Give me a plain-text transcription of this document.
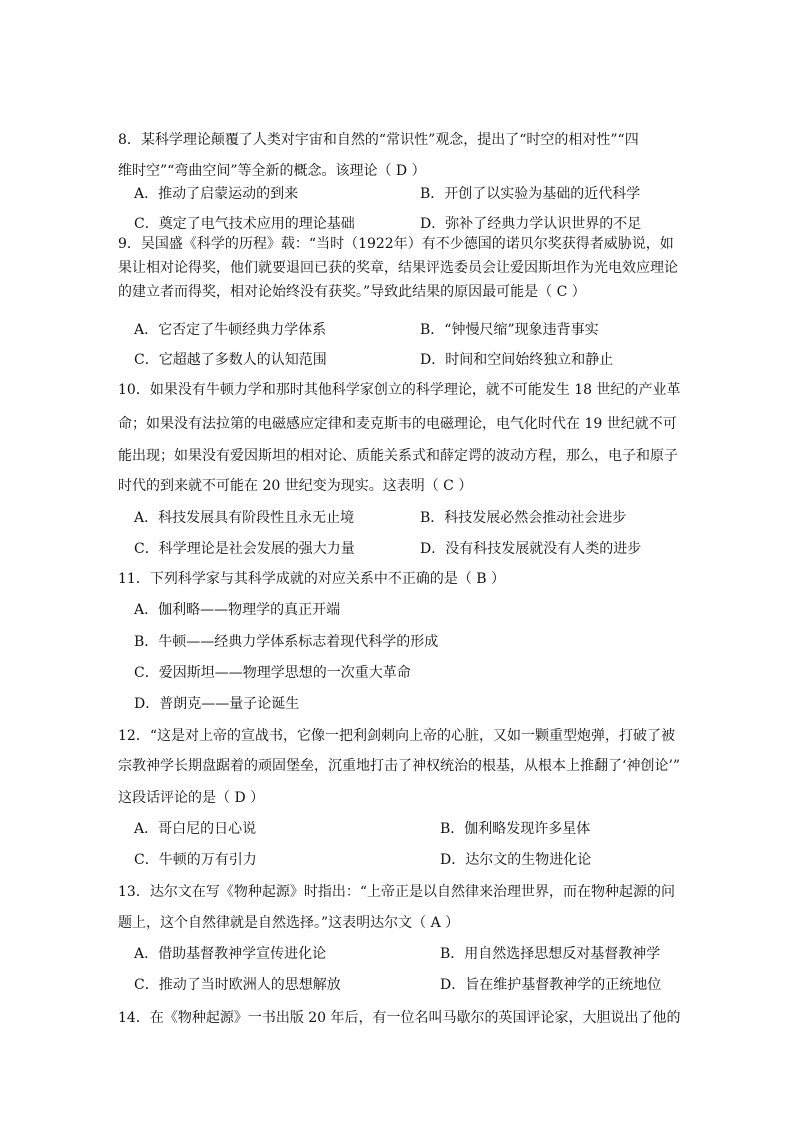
8．某科学理论颠覆了人类对宇宙和自然的“常识性”观念，提出了“时空的相对性”“四
维时空”“弯曲空间”等全新的概念。该理论（ D ）
A．推动了启蒙运动的到来	B．开创了以实验为基础的近代科学
C．奠定了电气技术应用的理论基础	D．弥补了经典力学认识世界的不足
9．吴国盛《科学的历程》载：“当时（1922年）有不少德国的诺贝尔奖获得者威胁说，如
果让相对论得奖，他们就要退回已获的奖章，结果评选委员会让爱因斯坦作为光电效应理论
的建立者而得奖，相对论始终没有获奖。”导致此结果的原因最可能是（ C ）
A．它否定了牛顿经典力学体系	B．“钟慢尺缩”现象违背事实
C．它超越了多数人的认知范围	D．时间和空间始终独立和静止
10．如果没有牛顿力学和那时其他科学家创立的科学理论，就不可能发生 18 世纪的产业革
命；如果没有法拉第的电磁感应定律和麦克斯韦的电磁理论，电气化时代在 19 世纪就不可
能出现；如果没有爱因斯坦的相对论、质能关系式和薛定谔的波动方程，那么，电子和原子
时代的到来就不可能在 20 世纪变为现实。这表明（ C ）
A．科技发展具有阶段性且永无止境	B．科技发展必然会推动社会进步
C．科学理论是社会发展的强大力量	D．没有科技发展就没有人类的进步
11．下列科学家与其科学成就的对应关系中不正确的是（ B ）
A．伽利略——物理学的真正开端
B．牛顿——经典力学体系标志着现代科学的形成
C．爱因斯坦——物理学思想的一次重大革命
D．普朗克——量子论诞生
12．“这是对上帝的宣战书，它像一把利剑刺向上帝的心脏，又如一颗重型炮弹，打破了被
宗教神学长期盘踞着的顽固堡垒，沉重地打击了神权统治的根基，从根本上推翻了‘神创论’”
这段话评论的是（ D ）
A．哥白尼的日心说	B．伽利略发现许多星体
C．牛顿的万有引力	D．达尔文的生物进化论
13．达尔文在写《物种起源》时指出：“上帝正是以自然律来治理世界，而在物种起源的问
题上，这个自然律就是自然选择。”这表明达尔文（ A ）
A．借助基督教神学宣传进化论	B．用自然选择思想反对基督教神学
C．推动了当时欧洲人的思想解放	D．旨在维护基督教神学的正统地位
14．在《物种起源》一书出版 20 年后，有一位名叫马歇尔的英国评论家，大胆说出了他的
